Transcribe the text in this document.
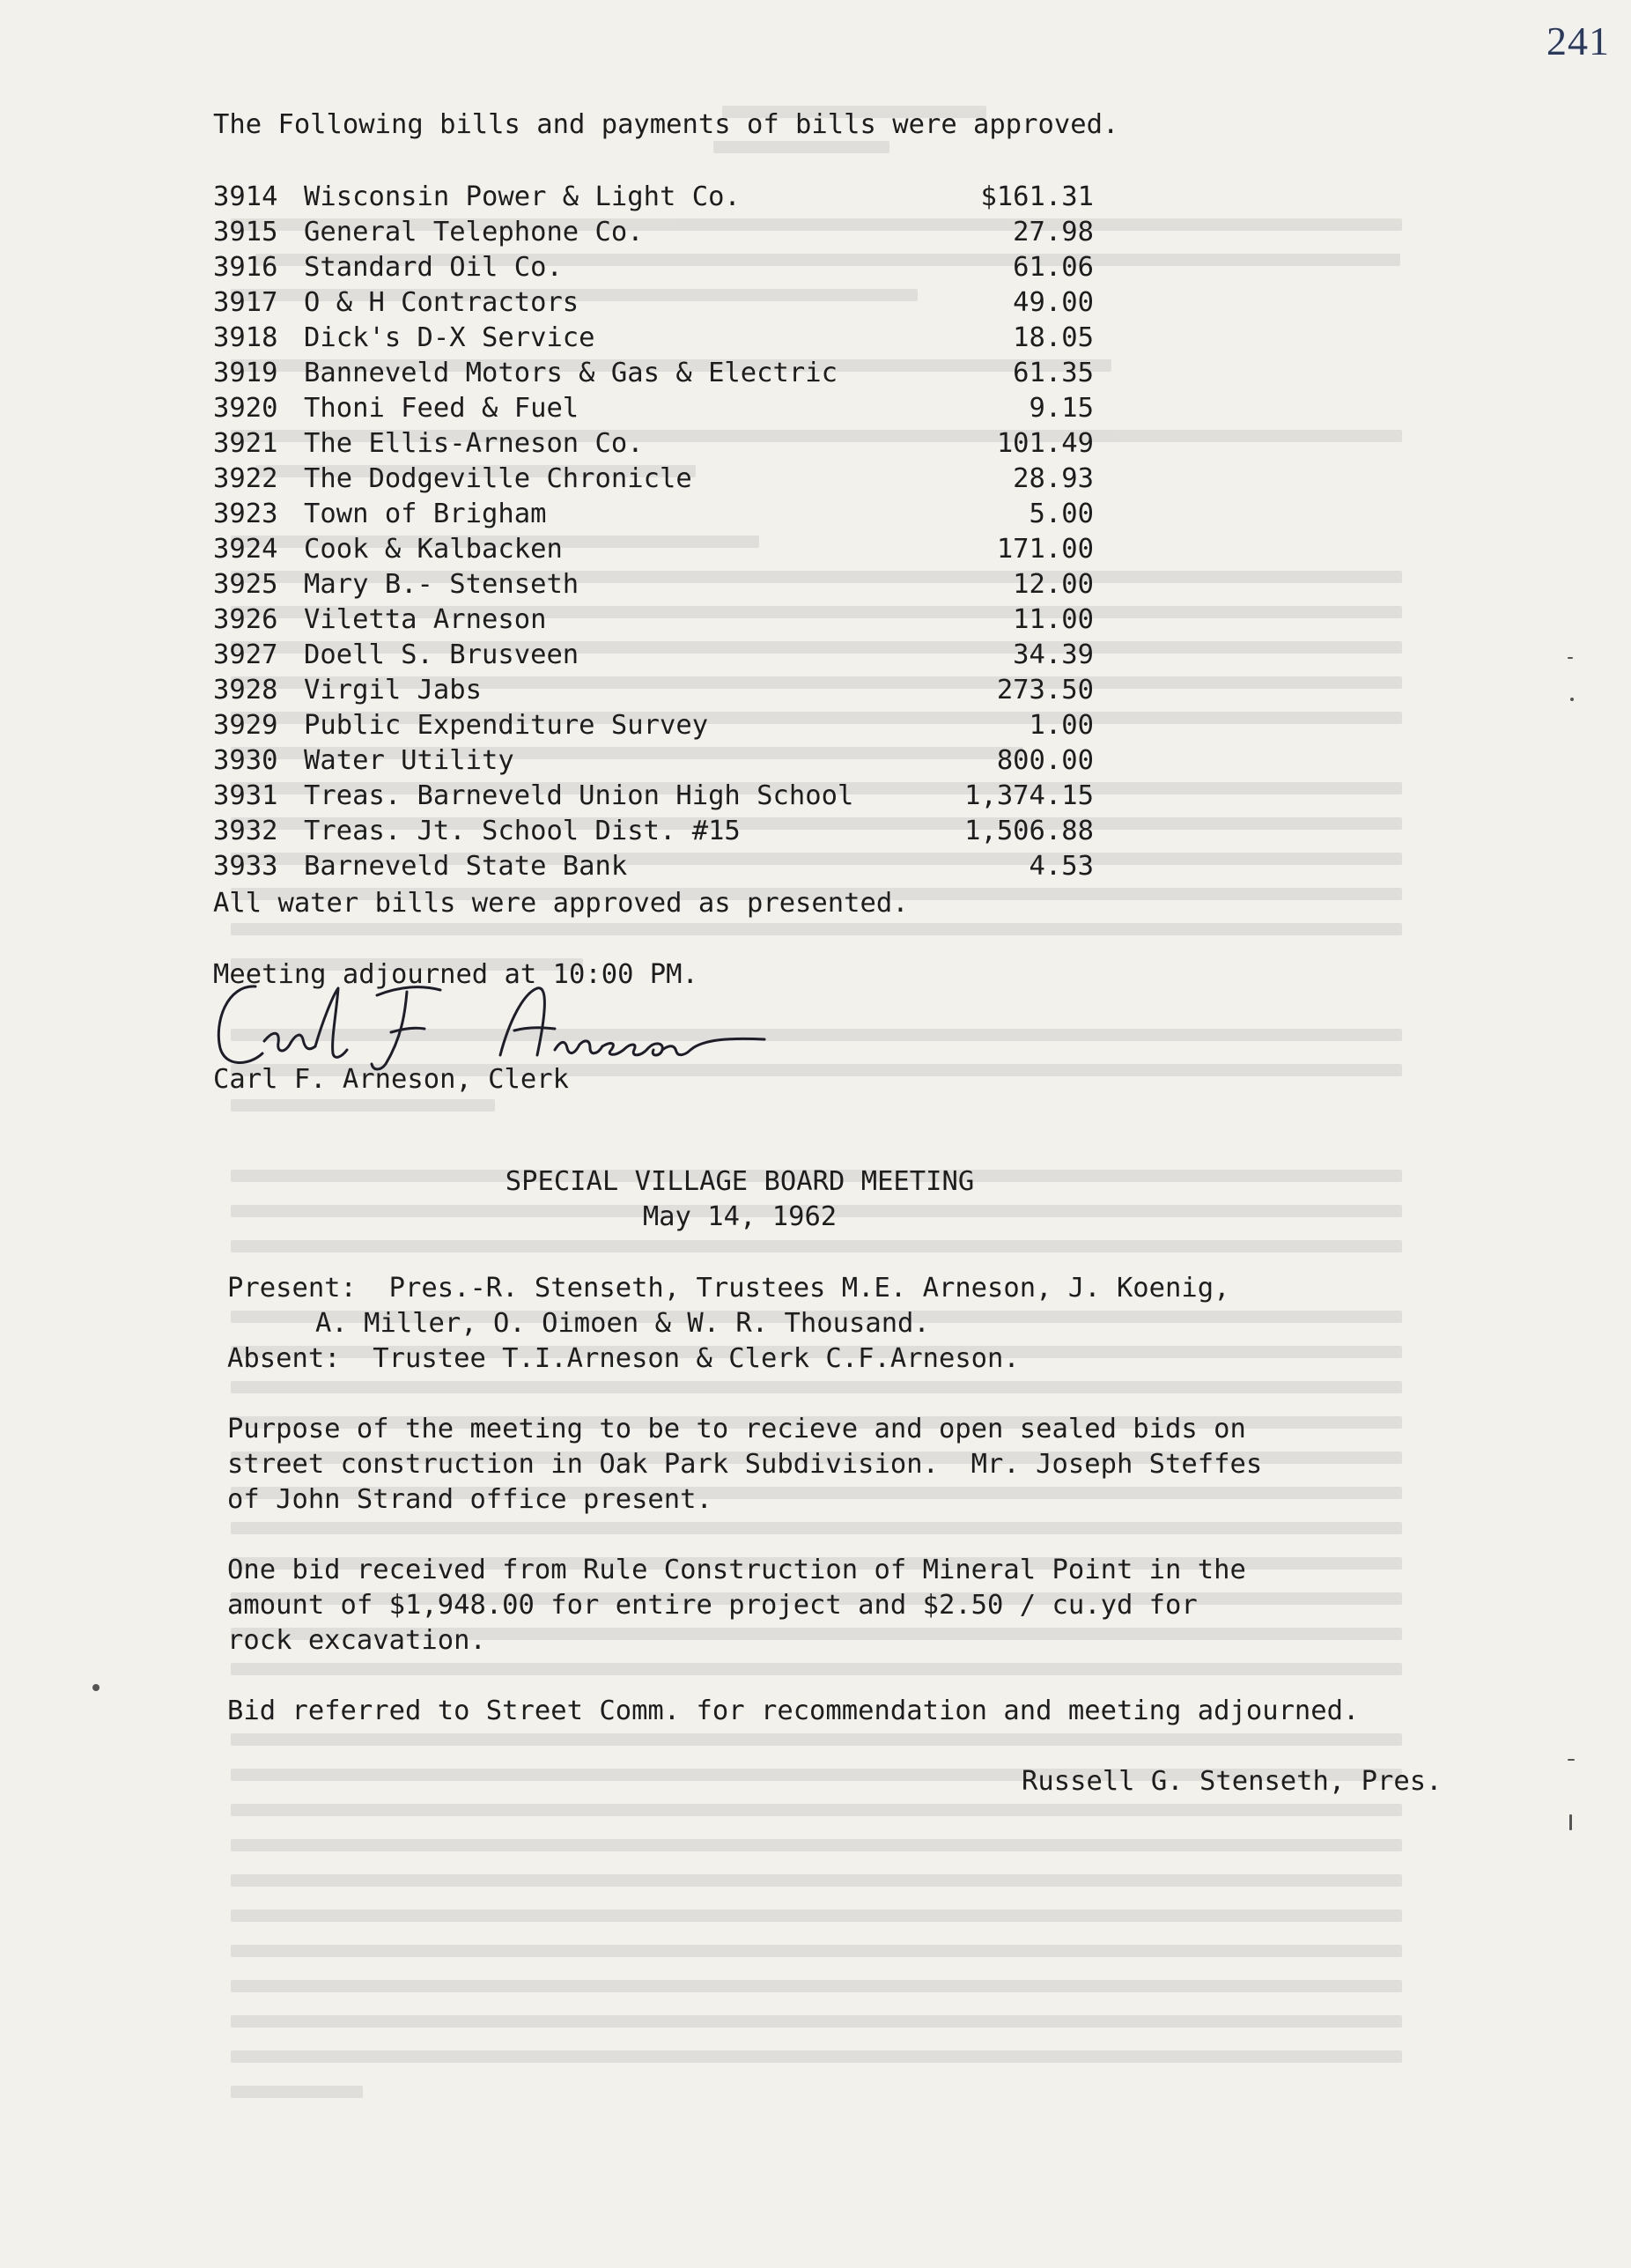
241
The Following bills and payments of bills were approved.
3914 Wisconsin Power & Light Co.	$161.31
3915 General Telephone Co.	27.98
3916 Standard Oil Co.	61.06
3917 O & H Contractors	49.00
3918 Dick's D-X Service	18.05
3919 Banneveld Motors & Gas & Electric	61.35
3920 Thoni Feed & Fuel	9.15
3921 The Ellis-Arneson Co.	101.49
3922 The Dodgeville Chronicle	28.93
3923 Town of Brigham	5.00
3924 Cook & Kalbacken	171.00
3925 Mary B.- Stenseth	12.00
3926 Viletta Arneson	11.00
3927 Doell S. Brusveen	34.39
3928 Virgil Jabs	273.50
3929 Public Expenditure Survey	1.00
3930 Water Utility	800.00
3931 Treas. Barneveld Union High School	1,374.15
3932 Treas. Jt. School Dist. #15	1,506.88
3933 Barneveld State Bank	4.53
All water bills were approved as presented.
Meeting adjourned at 10:00 PM.
Carl F. Arneson, Clerk
SPECIAL VILLAGE BOARD MEETING
May 14, 1962
Present:  Pres.-R. Stenseth, Trustees M.E. Arneson, J. Koenig,
A. Miller, O. Oimoen & W. R. Thousand.
Absent:  Trustee T.I.Arneson & Clerk C.F.Arneson.
Purpose of the meeting to be to recieve and open sealed bids on
street construction in Oak Park Subdivision.  Mr. Joseph Steffes
of John Strand office present.
One bid received from Rule Construction of Mineral Point in the
amount of $1,948.00 for entire project and $2.50 / cu.yd for
rock excavation.
Bid referred to Street Comm. for recommendation and meeting adjourned.
Russell G. Stenseth, Pres.
